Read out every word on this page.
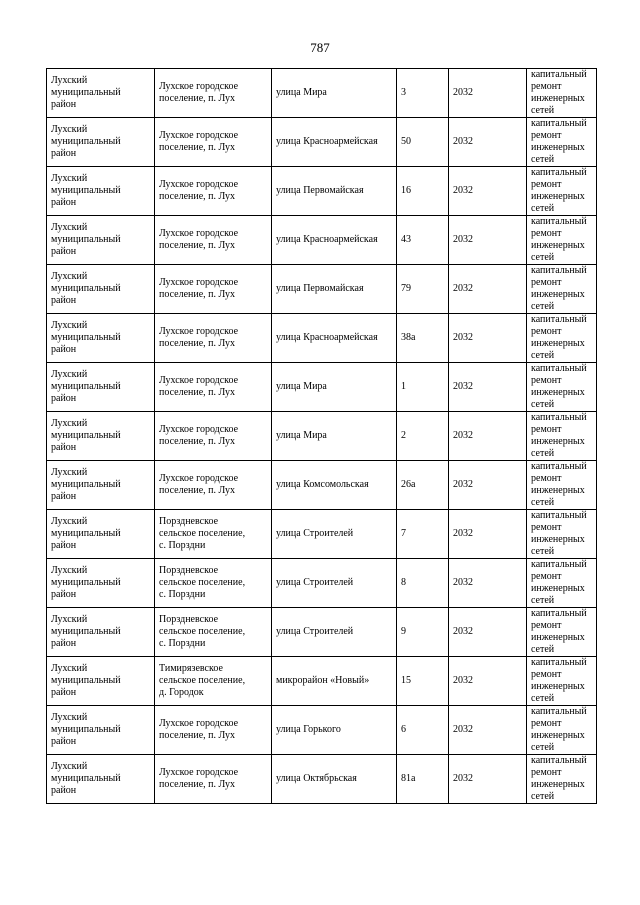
787
Лухский
муниципальный
район	Лухское городское
поселение, п. Лух	улица Мира	3	2032	капитальный
ремонт
инженерных
сетей
Лухский
муниципальный
район	Лухское городское
поселение, п. Лух	улица Красноармейская	50	2032	капитальный
ремонт
инженерных
сетей
Лухский
муниципальный
район	Лухское городское
поселение, п. Лух	улица Первомайская	16	2032	капитальный
ремонт
инженерных
сетей
Лухский
муниципальный
район	Лухское городское
поселение, п. Лух	улица Красноармейская	43	2032	капитальный
ремонт
инженерных
сетей
Лухский
муниципальный
район	Лухское городское
поселение, п. Лух	улица Первомайская	79	2032	капитальный
ремонт
инженерных
сетей
Лухский
муниципальный
район	Лухское городское
поселение, п. Лух	улица Красноармейская	38а	2032	капитальный
ремонт
инженерных
сетей
Лухский
муниципальный
район	Лухское городское
поселение, п. Лух	улица Мира	1	2032	капитальный
ремонт
инженерных
сетей
Лухский
муниципальный
район	Лухское городское
поселение, п. Лух	улица Мира	2	2032	капитальный
ремонт
инженерных
сетей
Лухский
муниципальный
район	Лухское городское
поселение, п. Лух	улица Комсомольская	26а	2032	капитальный
ремонт
инженерных
сетей
Лухский
муниципальный
район	Порздневское
сельское поселение,
с. Порздни	улица Строителей	7	2032	капитальный
ремонт
инженерных
сетей
Лухский
муниципальный
район	Порздневское
сельское поселение,
с. Порздни	улица Строителей	8	2032	капитальный
ремонт
инженерных
сетей
Лухский
муниципальный
район	Порздневское
сельское поселение,
с. Порздни	улица Строителей	9	2032	капитальный
ремонт
инженерных
сетей
Лухский
муниципальный
район	Тимирязевское
сельское поселение,
д. Городок	микрорайон «Новый»	15	2032	капитальный
ремонт
инженерных
сетей
Лухский
муниципальный
район	Лухское городское
поселение, п. Лух	улица Горького	6	2032	капитальный
ремонт
инженерных
сетей
Лухский
муниципальный
район	Лухское городское
поселение, п. Лух	улица Октябрьская	81а	2032	капитальный
ремонт
инженерных
сетей
